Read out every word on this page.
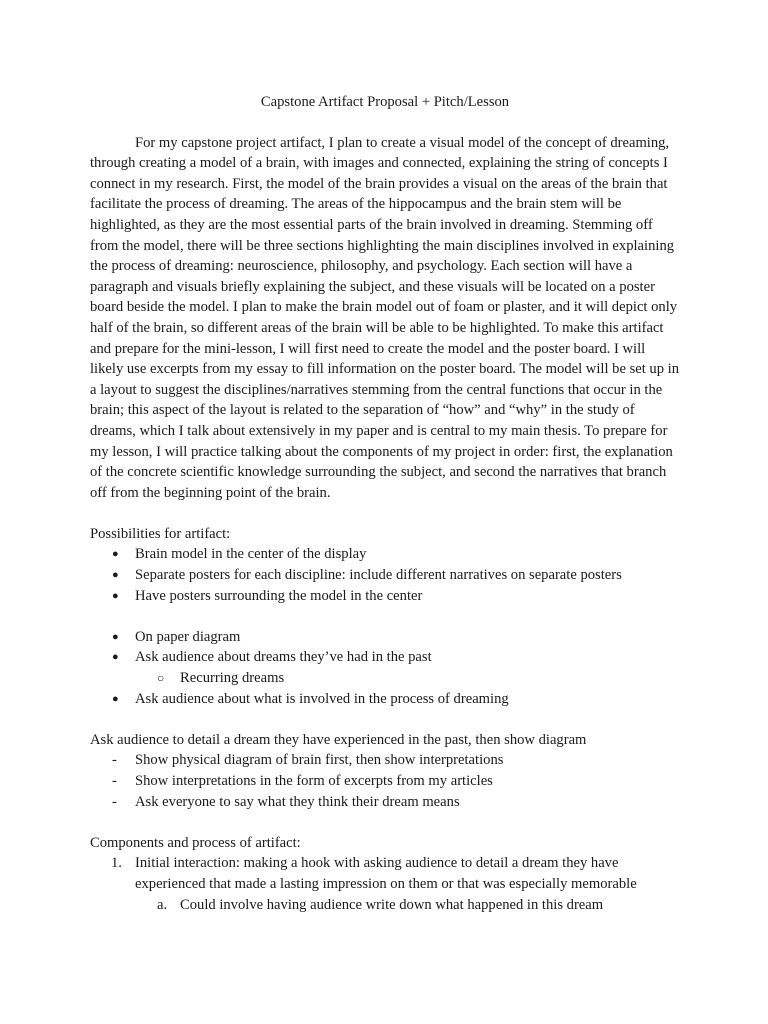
Capstone Artifact Proposal + Pitch/Lesson

For my capstone project artifact, I plan to create a visual model of the concept of dreaming, through creating a model of a brain, with images and connected, explaining the string of concepts I connect in my research. First, the model of the brain provides a visual on the areas of the brain that facilitate the process of dreaming. The areas of the hippocampus and the brain stem will be highlighted, as they are the most essential parts of the brain involved in dreaming. Stemming off from the model, there will be three sections highlighting the main disciplines involved in explaining the process of dreaming: neuroscience, philosophy, and psychology. Each section will have a paragraph and visuals briefly explaining the subject, and these visuals will be located on a poster board beside the model. I plan to make the brain model out of foam or plaster, and it will depict only half of the brain, so different areas of the brain will be able to be highlighted. To make this artifact and prepare for the mini-lesson, I will first need to create the model and the poster board. I will likely use excerpts from my essay to fill information on the poster board. The model will be set up in a layout to suggest the disciplines/narratives stemming from the central functions that occur in the brain; this aspect of the layout is related to the separation of “how” and “why” in the study of dreams, which I talk about extensively in my paper and is central to my main thesis. To prepare for my lesson, I will practice talking about the components of my project in order: first, the explanation of the concrete scientific knowledge surrounding the subject, and second the narratives that branch off from the beginning point of the brain.

Possibilities for artifact:
● Brain model in the center of the display
● Separate posters for each discipline: include different narratives on separate posters
● Have posters surrounding the model in the center
● On paper diagram
● Ask audience about dreams they’ve had in the past
○ Recurring dreams
● Ask audience about what is involved in the process of dreaming
Ask audience to detail a dream they have experienced in the past, then show diagram
- Show physical diagram of brain first, then show interpretations
- Show interpretations in the form of excerpts from my articles
- Ask everyone to say what they think their dream means
Components and process of artifact:
1. Initial interaction: making a hook with asking audience to detail a dream they have experienced that made a lasting impression on them or that was especially memorable
a. Could involve having audience write down what happened in this dream
